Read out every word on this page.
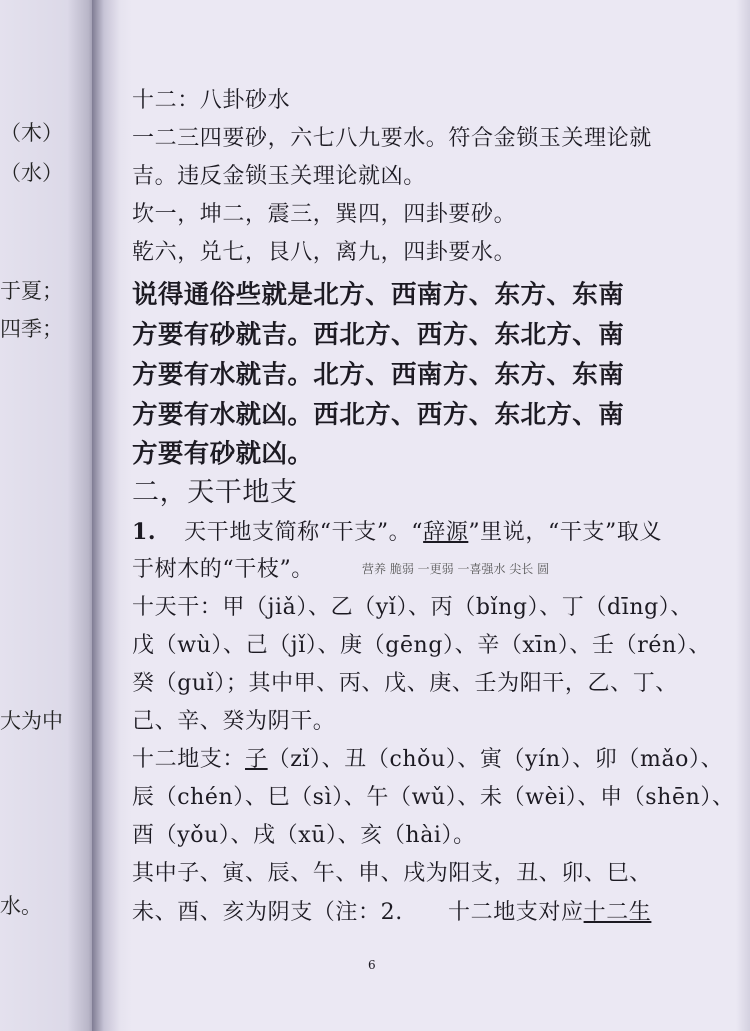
（木）
（水）
于夏；
四季；
大为中
水。
十二：八卦砂水
一二三四要砂，六七八九要水。符合金锁玉关理论就
吉。违反金锁玉关理论就凶。
坎一，坤二，震三，巽四，四卦要砂。
乾六，兑七，艮八，离九，四卦要水。
说得通俗些就是北方、西南方、东方、东南
方要有砂就吉。西北方、西方、东北方、南
方要有水就吉。北方、西南方、东方、东南
方要有水就凶。西北方、西方、东北方、南
方要有砂就凶。
二，天干地支
1. 天干地支简称“干支”。“辞源”里说，“干支”取义
于树木的“干枝”。	营养 脆弱 一更弱 一喜强水 尖长 圆
十天干：甲（jiǎ）、乙（yǐ）、丙（bǐng）、丁（dīng）、
戊（wù）、己（jǐ）、庚（gēng）、辛（xīn）、壬（rén）、
癸（guǐ）；其中甲、丙、戊、庚、壬为阳干，乙、丁、
己、辛、癸为阴干。
十二地支：子（zǐ）、丑（chǒu）、寅（yín）、卯（mǎo）、
辰（chén）、巳（sì）、午（wǔ）、未（wèi）、申（shēn）、
酉（yǒu）、戌（xū）、亥（hài）。
其中子、寅、辰、午、申、戌为阳支，丑、卯、巳、
未、酉、亥为阴支（注：2.　　十二地支对应十二生
6
